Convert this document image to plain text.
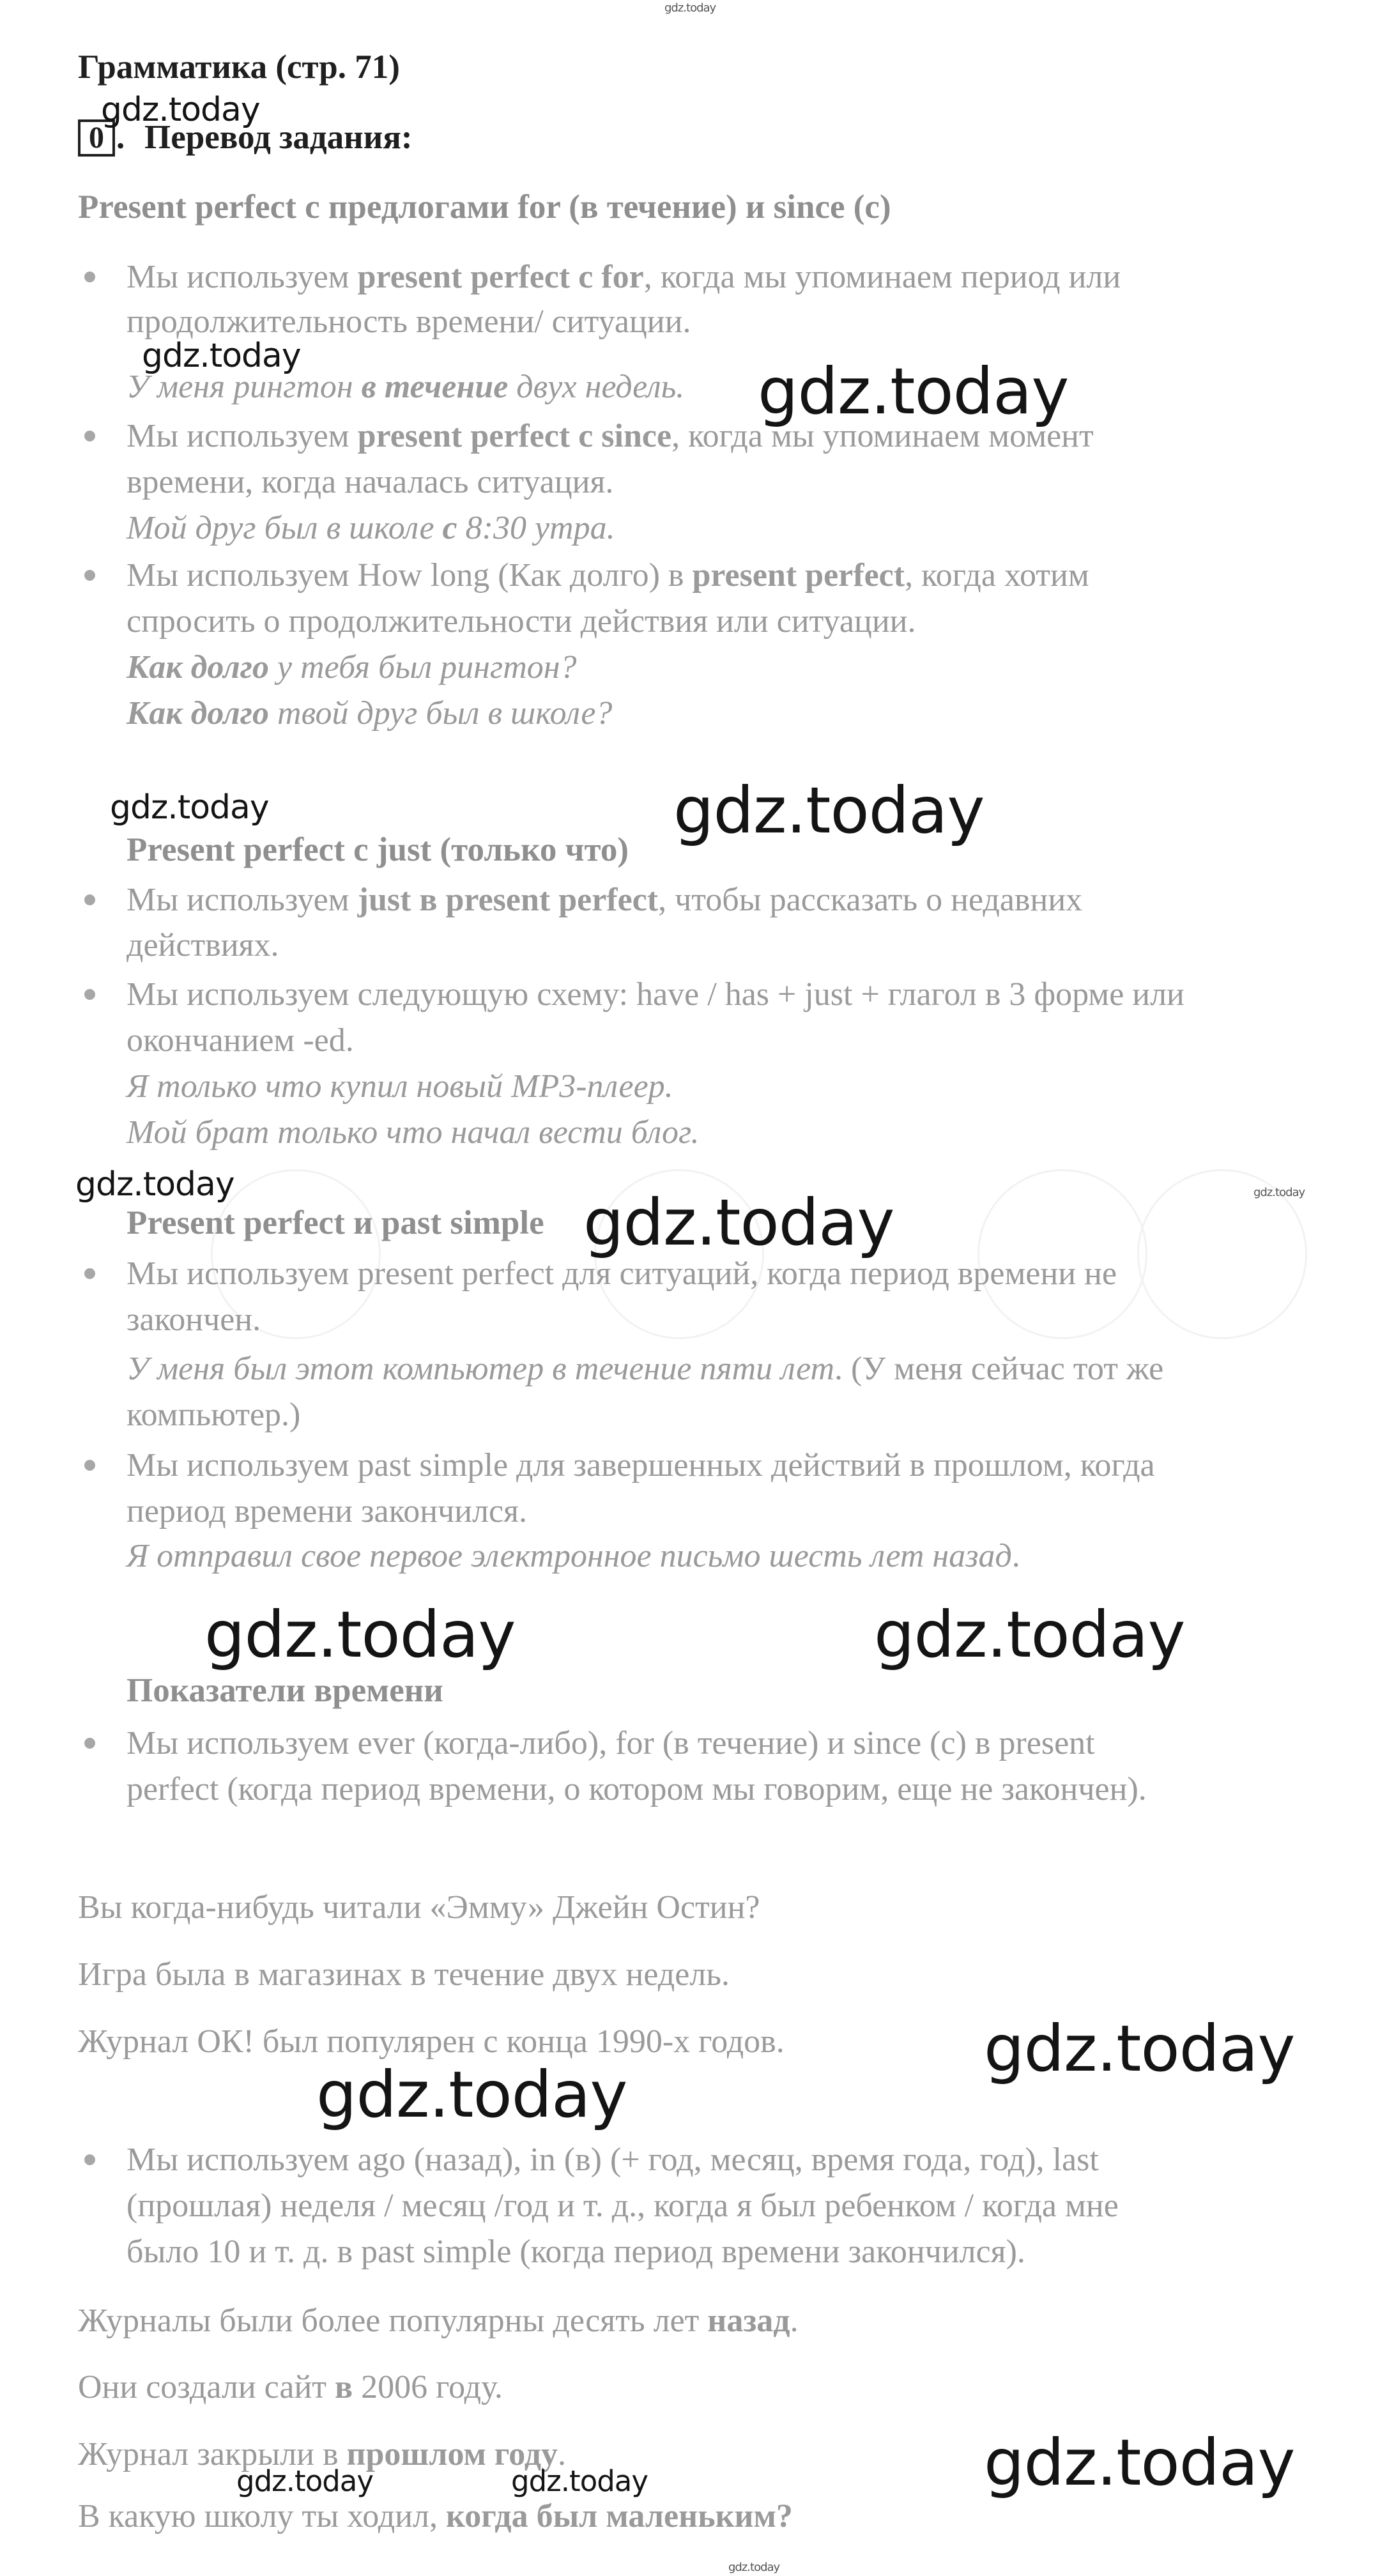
gdz.today
Грамматика (стр. 71)
0 . Перевод задания:
Present perfect с предлогами for (в течение) и since (с)
Мы используем present perfect с for, когда мы упоминаем период или
продолжительность времени/ ситуации.
У меня рингтон в течение двух недель.
Мы используем present perfect с since, когда мы упоминаем момент
времени, когда началась ситуация.
Мой друг был в школе с 8:30 утра.
Мы используем How long (Как долго) в present perfect, когда хотим
спросить о продолжительности действия или ситуации.
Как долго у тебя был рингтон?
Как долго твой друг был в школе?
Present perfect с just (только что)
Мы используем just в present perfect, чтобы рассказать о недавних
действиях.
Мы используем следующую схему: have / has + just + глагол в 3 форме или
окончанием -ed.
Я только что купил новый MP3-плеер.
Мой брат только что начал вести блог.
Present perfect и past simple
Мы используем present perfect для ситуаций, когда период времени не
закончен.
У меня был этот компьютер в течение пяти лет. (У меня сейчас тот же
компьютер.)
Мы используем past simple для завершенных действий в прошлом, когда
период времени закончился.
Я отправил свое первое электронное письмо шесть лет назад.
Показатели времени
Мы используем ever (когда-либо), for (в течение) и since (с) в present
perfect (когда период времени, о котором мы говорим, еще не закончен).
Вы когда-нибудь читали «Эмму» Джейн Остин?
Игра была в магазинах в течение двух недель.
Журнал ОК! был популярен с конца 1990-х годов.
Мы используем ago (назад), in (в) (+ год, месяц, время года, год), last
(прошлая) неделя / месяц /год и т. д., когда я был ребенком / когда мне
было 10 и т. д. в past simple (когда период времени закончился).
Журналы были более популярны десять лет назад.
Они создали сайт в 2006 году.
Журнал закрыли в прошлом году.
В какую школу ты ходил, когда был маленьким?
gdz.today
gdz.today	gdz.today
gdz.today	gdz.today
gdz.today
gdz.today	gdz.today
gdz.today	gdz.today
gdz.today
gdz.today
gdz.today
gdz.today	gdz.today
gdz.today
